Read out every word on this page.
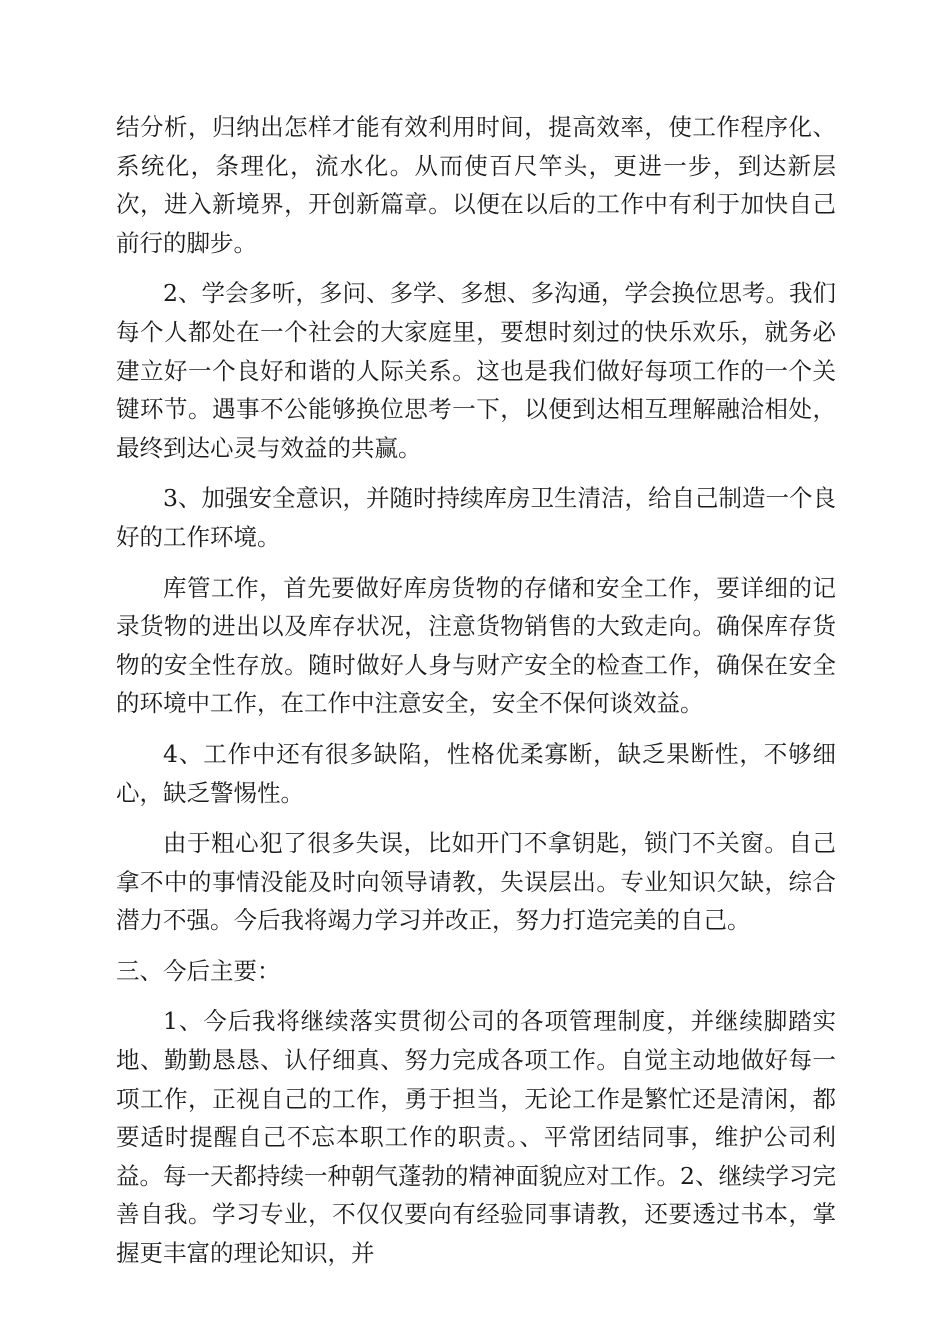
结分析，归纳出怎样才能有效利用时间，提高效率，使工作程序化、系统化，条理化，流水化。从而使百尺竿头，更进一步，到达新层次，进入新境界，开创新篇章。以便在以后的工作中有利于加快自己前行的脚步。

2、学会多听，多问、多学、多想、多沟通，学会换位思考。我们每个人都处在一个社会的大家庭里，要想时刻过的快乐欢乐，就务必建立好一个良好和谐的人际关系。这也是我们做好每项工作的一个关键环节。遇事不公能够换位思考一下，以便到达相互理解融洽相处，最终到达心灵与效益的共赢。

3、加强安全意识，并随时持续库房卫生清洁，给自己制造一个良好的工作环境。

库管工作，首先要做好库房货物的存储和安全工作，要详细的记录货物的进出以及库存状况，注意货物销售的大致走向。确保库存货物的安全性存放。随时做好人身与财产安全的检查工作，确保在安全的环境中工作，在工作中注意安全，安全不保何谈效益。

4、工作中还有很多缺陷，性格优柔寡断，缺乏果断性，不够细心，缺乏警惕性。

由于粗心犯了很多失误，比如开门不拿钥匙，锁门不关窗。自己拿不中的事情没能及时向领导请教，失误层出。专业知识欠缺，综合潜力不强。今后我将竭力学习并改正，努力打造完美的自己。

三、今后主要：

1、今后我将继续落实贯彻公司的各项管理制度，并继续脚踏实地、勤勤恳恳、认仔细真、努力完成各项工作。自觉主动地做好每一项工作，正视自己的工作，勇于担当，无论工作是繁忙还是清闲，都要适时提醒自己不忘本职工作的职责。、平常团结同事，维护公司利益。每一天都持续一种朝气蓬勃的精神面貌应对工作。2、继续学习完善自我。学习专业，不仅仅要向有经验同事请教，还要透过书本，掌握更丰富的理论知识，并
